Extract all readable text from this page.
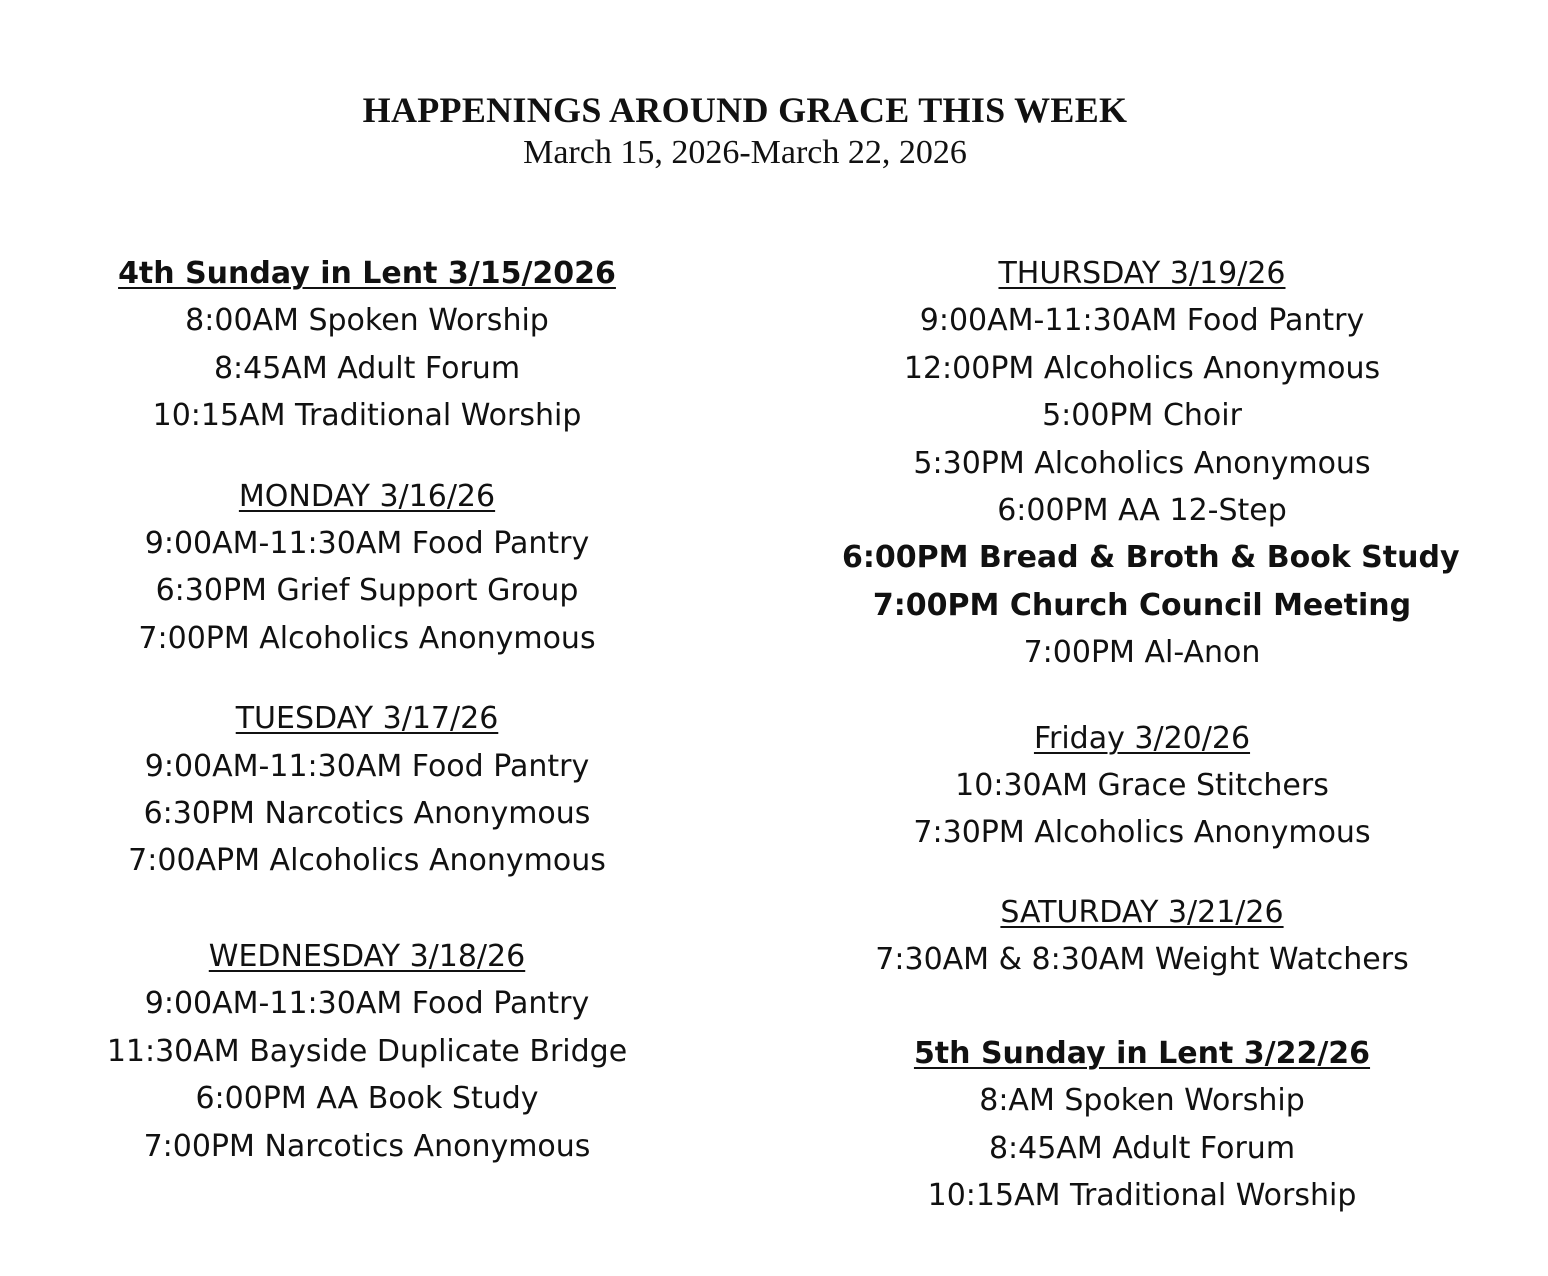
HAPPENINGS AROUND GRACE THIS WEEK
March 15, 2026-March 22, 2026
4th Sunday in Lent 3/15/2026
8:00AM Spoken Worship
8:45AM Adult Forum
10:15AM Traditional Worship
MONDAY 3/16/26
9:00AM-11:30AM Food Pantry
6:30PM Grief Support Group
7:00PM Alcoholics Anonymous
TUESDAY 3/17/26
9:00AM-11:30AM Food Pantry
6:30PM Narcotics Anonymous
7:00APM Alcoholics Anonymous
WEDNESDAY 3/18/26
9:00AM-11:30AM Food Pantry
11:30AM Bayside Duplicate Bridge
6:00PM AA Book Study
7:00PM Narcotics Anonymous
THURSDAY 3/19/26
9:00AM-11:30AM Food Pantry
12:00PM Alcoholics Anonymous
5:00PM Choir
5:30PM Alcoholics Anonymous
6:00PM AA 12-Step
6:00PM Bread & Broth & Book Study
7:00PM Church Council Meeting
7:00PM Al-Anon
Friday 3/20/26
10:30AM Grace Stitchers
7:30PM Alcoholics Anonymous
SATURDAY 3/21/26
7:30AM & 8:30AM Weight Watchers
5th Sunday in Lent 3/22/26
8:AM Spoken Worship
8:45AM Adult Forum
10:15AM Traditional Worship
